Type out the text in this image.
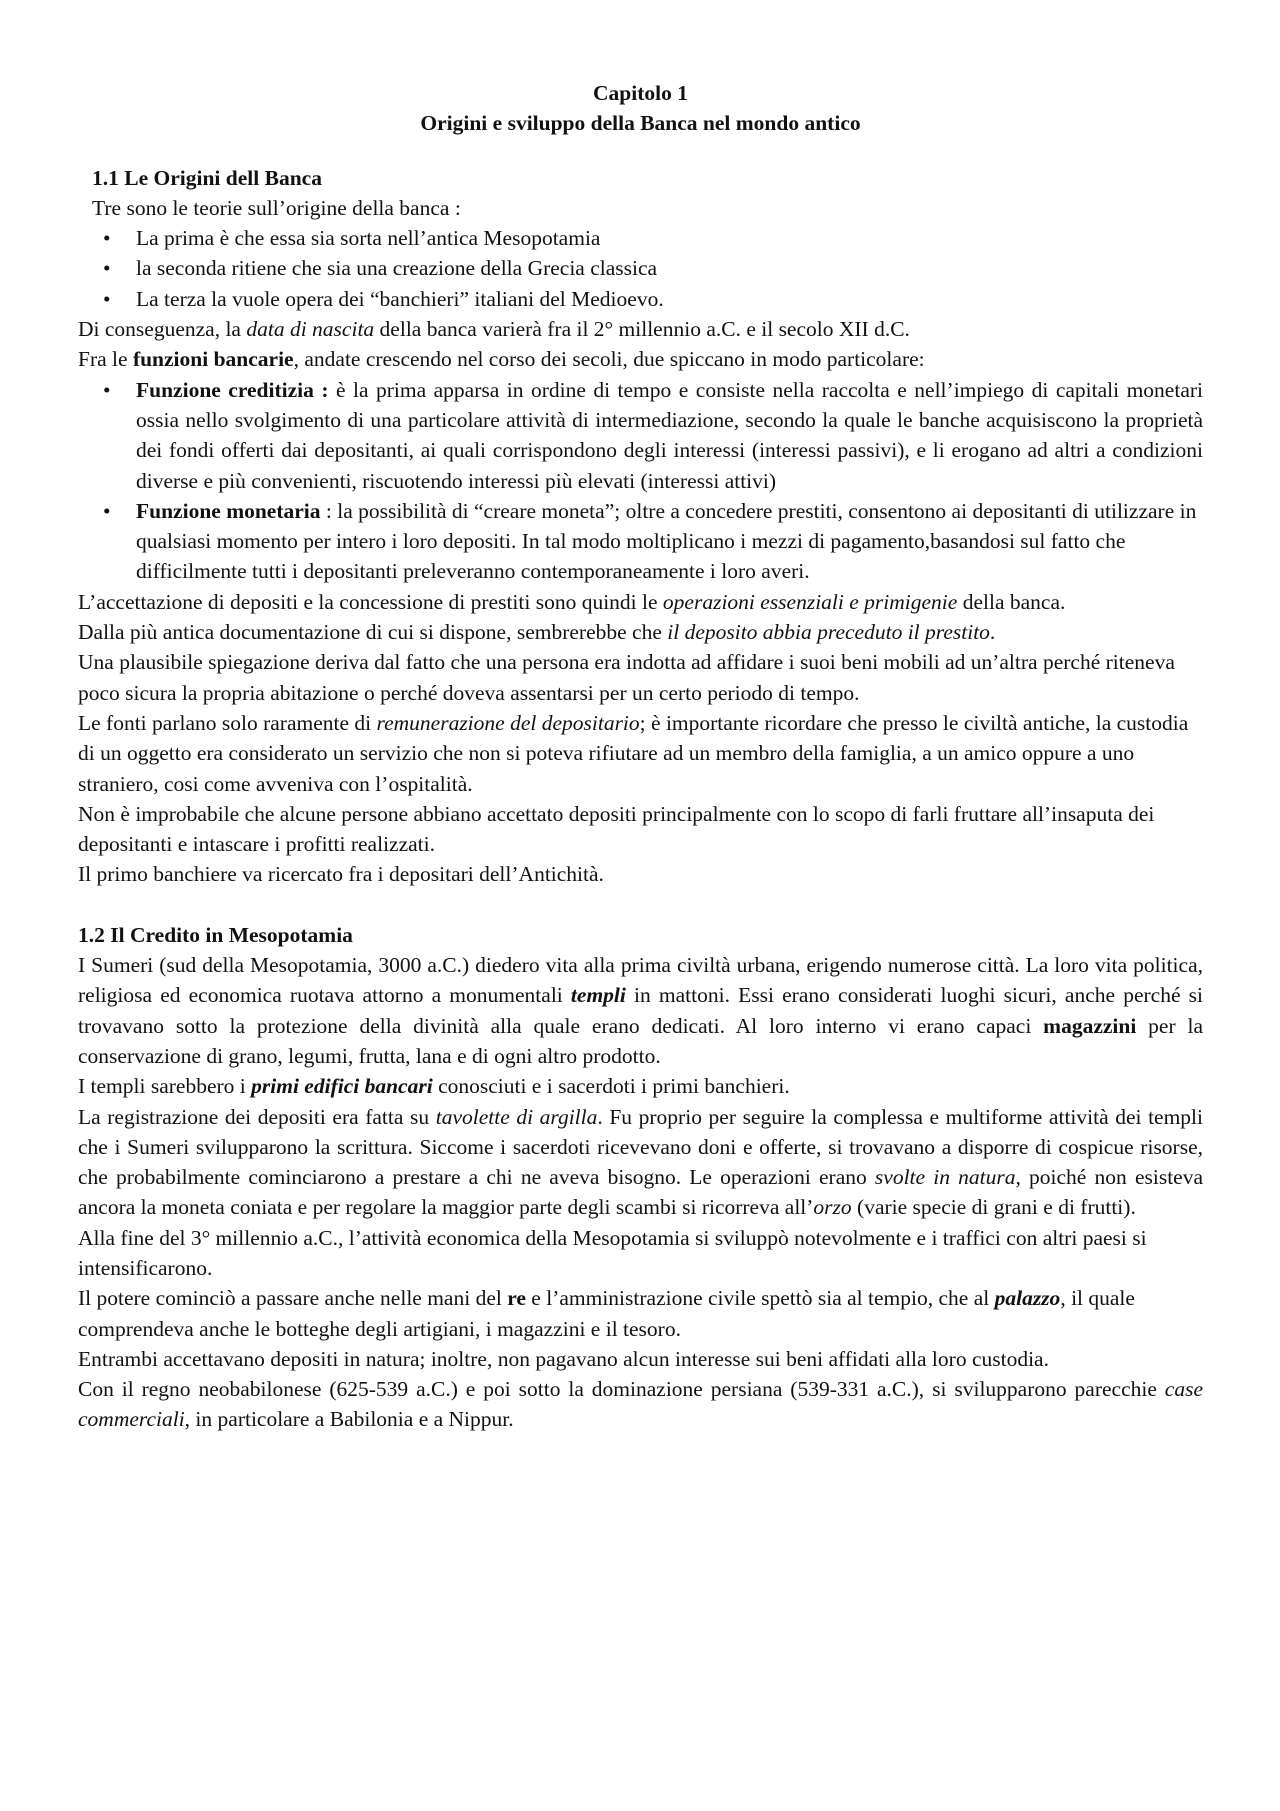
Capitolo 1
Origini e sviluppo della Banca nel mondo antico
1.1 Le Origini dell Banca

Tre sono le teorie sull’origine della banca :

• La prima è che essa sia sorta nell’antica Mesopotamia
• la seconda ritiene che sia una creazione della Grecia classica
• La terza la vuole opera dei “banchieri” italiani del Medioevo.

Di conseguenza, la data di nascita della banca varierà fra il 2° millennio a.C. e il secolo XII d.C.

Fra le funzioni bancarie, andate crescendo nel corso dei secoli, due spiccano in modo particolare:

• Funzione creditizia : è la prima apparsa in ordine di tempo e consiste nella raccolta e nell’impiego di capitali monetari ossia nello svolgimento di una particolare attività di intermediazione, secondo la quale le banche acquisiscono la proprietà dei fondi offerti dai depositanti, ai quali corrispondono degli interessi (interessi passivi), e li erogano ad altri a condizioni diverse e più convenienti, riscuotendo interessi più elevati (interessi attivi)
• Funzione monetaria : la possibilità di “creare moneta”; oltre a concedere prestiti, consentono ai depositanti di utilizzare in qualsiasi momento per intero i loro depositi. In tal modo moltiplicano i mezzi di pagamento,basandosi sul fatto che difficilmente tutti i depositanti preleveranno contemporaneamente i loro averi.

L’accettazione di depositi e la concessione di prestiti sono quindi le operazioni essenziali e primigenie della banca.

Dalla più antica documentazione di cui si dispone, sembrerebbe che il deposito abbia preceduto il prestito.

Una plausibile spiegazione deriva dal fatto che una persona era indotta ad affidare i suoi beni mobili ad un’altra perché riteneva poco sicura la propria abitazione o perché doveva assentarsi per un certo periodo di tempo.

Le fonti parlano solo raramente di remunerazione del depositario; è importante ricordare che presso le civiltà antiche, la custodia di un oggetto era considerato un servizio che non si poteva rifiutare ad un membro della famiglia, a un amico oppure a uno straniero, cosi come avveniva con l’ospitalità.

Non è improbabile che alcune persone abbiano accettato depositi principalmente con lo scopo di farli fruttare all’insaputa dei depositanti e intascare i profitti realizzati.

Il primo banchiere va ricercato fra i depositari dell’Antichità.

1.2 Il Credito in Mesopotamia

I Sumeri (sud della Mesopotamia, 3000 a.C.) diedero vita alla prima civiltà urbana, erigendo numerose città. La loro vita politica, religiosa ed economica ruotava attorno a monumentali templi in mattoni. Essi erano considerati luoghi sicuri, anche perché si trovavano sotto la protezione della divinità alla quale erano dedicati. Al loro interno vi erano capaci magazzini per la conservazione di grano, legumi, frutta, lana e di ogni altro prodotto.

I templi sarebbero i primi edifici bancari conosciuti e i sacerdoti i primi banchieri.

La registrazione dei depositi era fatta su tavolette di argilla. Fu proprio per seguire la complessa e multiforme attività dei templi che i Sumeri svilupparono la scrittura. Siccome i sacerdoti ricevevano doni e offerte, si trovavano a disporre di cospicue risorse, che probabilmente cominciarono a prestare a chi ne aveva bisogno. Le operazioni erano svolte in natura, poiché non esisteva ancora la moneta coniata e per regolare la maggior parte degli scambi si ricorreva all’orzo (varie specie di grani e di frutti).

Alla fine del 3° millennio a.C., l’attività economica della Mesopotamia si sviluppò notevolmente e i traffici con altri paesi si intensificarono.

Il potere cominciò a passare anche nelle mani del re e l’amministrazione civile spettò sia al tempio, che al palazzo, il quale comprendeva anche le botteghe degli artigiani, i magazzini e il tesoro.

Entrambi accettavano depositi in natura; inoltre, non pagavano alcun interesse sui beni affidati alla loro custodia.

Con il regno neobabilonese (625-539 a.C.) e poi sotto la dominazione persiana (539-331 a.C.), si svilupparono parecchie case commerciali, in particolare a Babilonia e a Nippur.
